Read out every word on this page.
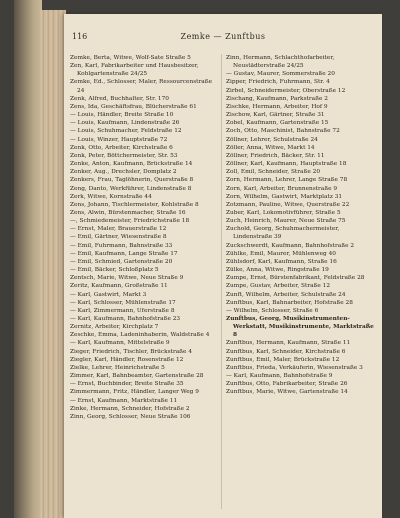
116	Zemke — Zunftbus

Zemke, Berta, Witwe, Wolf-Sate Straße 5

Zen, Karl, Fabrikarbeiter und Hausbesitzer, Kohlgartenstraße 24/25

Zemke, Ed., Schlosser, Maler, Ressourcenstraße 24

Zenk, Alfred, Buchhalter, Str. 170

Zens, Ida, Geschäftsfrau, Blücherstraße 61

— Louis, Händler, Breite Straße 10

— Louis, Kaufmann, Lindenstraße 26

— Louis, Schuhmacher, Feldstraße 12

— Louis, Winzer, Hauptstraße 72

Zenk, Otto, Arbeiter, Kirchstraße 6

Zenk, Peter, Böttchermeister, Str. 53

Zenke, Anton, Kaufmann, Brückstraße 14

Zenker, Aug., Drechsler, Domplatz 2

Zenkers, Frau, Taglöhnerin, Querstraße 8

Zeng, Danto, Werkführer, Lindenstraße 8

Zerk, Witwe, Kornstraße 44

Zens, Johann, Tischlermeister, Kohlstraße 8

Zens, Alwin, Bürstenmacher, Straße 16

—, Schmiedemeister, Friedrichstraße 18

— Ernst, Maler, Brauerstraße 12

— Emil, Gärtner, Wiesenstraße 8

— Emil, Fuhrmann, Bahnstraße 33

— Emil, Kaufmann, Lange Straße 17

— Emil, Schmied, Gartenstraße 20

— Emil, Bäcker, Schloßplatz 5

Zentsch, Marie, Witwe, Neue Straße 9

Zeritz, Kaufmann, Großstraße 11

— Karl, Gastwirt, Markt 3

— Karl, Schlosser, Mühlenstraße 17

— Karl, Zimmermann, Uferstraße 8

— Karl, Kaufmann, Bahnhofstraße 23

Zernitz, Arbeiter, Kirchplatz 7

Zeschke, Emma, Ladeninhaberin, Waldstraße 4

— Karl, Kaufmann, Mittelstraße 9

Zieger, Friedrich, Tischler, Brückstraße 4

Ziegler, Karl, Händler, Rosenstraße 12

Zielke, Lehrer, Heinrichstraße 5

Zimmer, Karl, Bahnbeamter, Gartenstraße 28

— Ernst, Buchbinder, Breite Straße 35

Zimmermann, Fritz, Händler, Langer Weg 9

— Ernst, Kaufmann, Marktstraße 11

Zinke, Hermann, Schneider, Hofstraße 2

Zinn, Georg, Schlosser, Neue Straße 106

Zinn, Hermann, Schlachthofarbeiter, Neustädterstraße 24/25

— Gustav, Maurer, Sommerstraße 20

Zipper, Friedrich, Fuhrmann, Str. 4

Zirbel, Schneidermeister, Oberstraße 12

Zischang, Kaufmann, Parkstraße 2

Zischke, Hermann, Arbeiter, Hof 9

Zischow, Karl, Gärtner, Straße 31

Zobel, Kaufmann, Gartenstraße 15

Zoch, Otto, Maschinist, Bahnstraße 72

Zöllner, Lehrer, Schulstraße 24

Zöller, Anna, Witwe, Markt 14

Zöllner, Friedrich, Bäcker, Str. 11

Zöllner, Karl, Kaufmann, Hauptstraße 18

Zoll, Emil, Schneider, Straße 20

Zorn, Hermann, Lehrer, Lange Straße 78

Zorn, Karl, Arbeiter, Brunnenstraße 9

Zorn, Wilhelm, Gastwirt, Marktplatz 31

Zotzmann, Pauline, Witwe, Querstraße 22

Zuber, Karl, Lokomotivführer, Straße 5

Zuch, Heinrich, Maurer, Neue Straße 75

Zuchold, Georg, Schuhmachermeister, Lindenstraße 39

Zuckschwerdt, Kaufmann, Bahnhofstraße 2

Zühlke, Emil, Maurer, Mühlenweg 40

Zühlsdorf, Karl, Kaufmann, Straße 16

Zülke, Anna, Witwe, Ringstraße 19

Zumpe, Ernst, Bürstenfabrikant, Feldstraße 28

Zumpe, Gustav, Arbeiter, Straße 12

Zunft, Wilhelm, Arbeiter, Schulstraße 24

Zunftbus, Karl, Bahnarbeiter, Hofstraße 28

— Wilhelm, Schlosser, Straße 6

Zunftbus, Georg, Musikinstrumenten-Werkstatt, Musikinstrumente, Marktstraße 8

Zunftbus, Hermann, Kaufmann, Straße 11

Zunftbus, Karl, Schneider, Kirchstraße 6

Zunftbus, Emil, Maler, Brückstraße 12

Zunftbus, Frieda, Verkäuferin, Wiesenstraße 3

— Karl, Kaufmann, Bahnhofstraße 9

Zunftbus, Otto, Fabrikarbeiter, Straße 26

Zunftbus, Marie, Witwe, Gartenstraße 14
